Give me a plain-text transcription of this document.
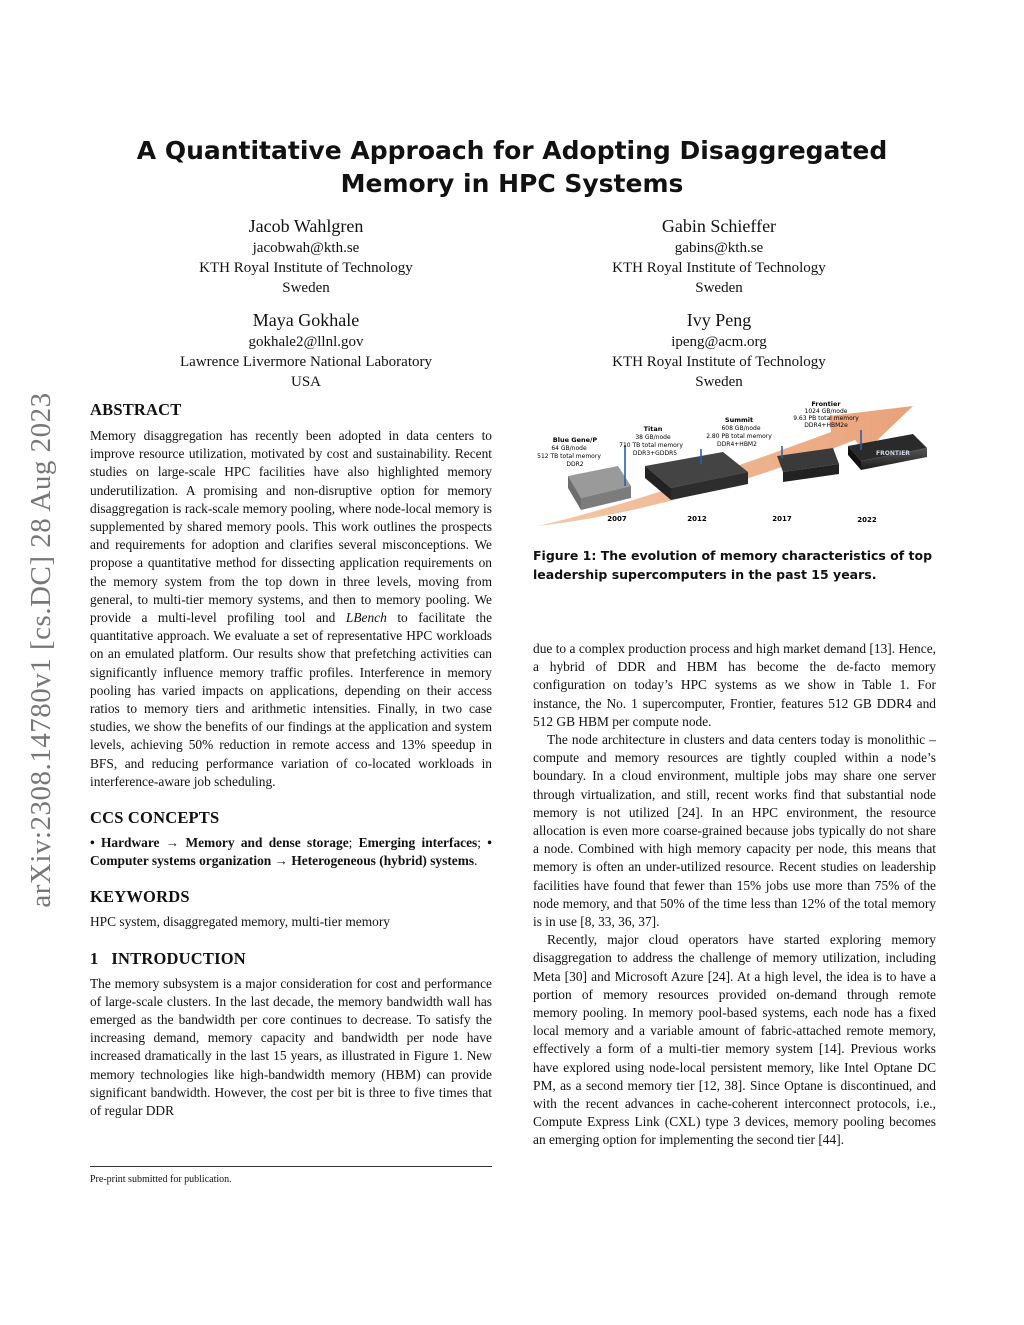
arXiv:2308.14780v1 [cs.DC] 28 Aug 2023
A Quantitative Approach for Adopting Disaggregated Memory in HPC Systems
Jacob Wahlgren
jacobwah@kth.se
KTH Royal Institute of Technology
Sweden
Gabin Schieffer
gabins@kth.se
KTH Royal Institute of Technology
Sweden
Maya Gokhale
gokhale2@llnl.gov
Lawrence Livermore National Laboratory
USA
Ivy Peng
ipeng@acm.org
KTH Royal Institute of Technology
Sweden
ABSTRACT

Memory disaggregation has recently been adopted in data centers to improve resource utilization, motivated by cost and sustainability. Recent studies on large-scale HPC facilities have also highlighted memory underutilization. A promising and non-disruptive option for memory disaggregation is rack-scale memory pooling, where node-local memory is supplemented by shared memory pools. This work outlines the prospects and requirements for adoption and clarifies several misconceptions. We propose a quantitative method for dissecting application requirements on the memory system from the top down in three levels, moving from general, to multi-tier memory systems, and then to memory pooling. We provide a multi-level profiling tool and LBench to facilitate the quantitative approach. We evaluate a set of representative HPC workloads on an emulated platform. Our results show that prefetching activities can significantly influence memory traffic profiles. Interference in memory pooling has varied impacts on applications, depending on their access ratios to memory tiers and arithmetic intensities. Finally, in two case studies, we show the benefits of our findings at the application and system levels, achieving 50% reduction in remote access and 13% speedup in BFS, and reducing performance variation of co-located workloads in interference-aware job scheduling.

CCS CONCEPTS

• Hardware → Memory and dense storage; Emerging interfaces; • Computer systems organization → Heterogeneous (hybrid) systems.

KEYWORDS

HPC system, disaggregated memory, multi-tier memory

1   INTRODUCTION

The memory subsystem is a major consideration for cost and performance of large-scale clusters. In the last decade, the memory bandwidth wall has emerged as the bandwidth per core continues to decrease. To satisfy the increasing demand, memory capacity and bandwidth per node have increased dramatically in the last 15 years, as illustrated in Figure 1. New memory technologies like high-bandwidth memory (HBM) can provide significant bandwidth. However, the cost per bit is three to five times that of regular DDR

Pre-print submitted for publication.
FRONTIER
Blue Gene/P
64 GB/node
512 TB total memory
DDR2
Titan
38 GB/node
710 TB total memory
DDR3+GDDR5
Summit
608 GB/node
2.80 PB total memory
DDR4+HBM2
Frontier
1024 GB/node
9.63 PB total memory
DDR4+HBM2e
2007	2012	2017	2022
Figure 1: The evolution of memory characteristics of top leadership supercomputers in the past 15 years.

due to a complex production process and high market demand [13]. Hence, a hybrid of DDR and HBM has become the de-facto memory configuration on today’s HPC systems as we show in Table 1. For instance, the No. 1 supercomputer, Frontier, features 512 GB DDR4 and 512 GB HBM per compute node.

The node architecture in clusters and data centers today is monolithic – compute and memory resources are tightly coupled within a node’s boundary. In a cloud environment, multiple jobs may share one server through virtualization, and still, recent works find that substantial node memory is not utilized [24]. In an HPC environment, the resource allocation is even more coarse-grained because jobs typically do not share a node. Combined with high memory capacity per node, this means that memory is often an under-utilized resource. Recent studies on leadership facilities have found that fewer than 15% jobs use more than 75% of the node memory, and that 50% of the time less than 12% of the total memory is in use [8, 33, 36, 37].

Recently, major cloud operators have started exploring memory disaggregation to address the challenge of memory utilization, including Meta [30] and Microsoft Azure [24]. At a high level, the idea is to have a portion of memory resources provided on-demand through remote memory pooling. In memory pool-based systems, each node has a fixed local memory and a variable amount of fabric-attached remote memory, effectively a form of a multi-tier memory system [14]. Previous works have explored using node-local persistent memory, like Intel Optane DC PM, as a second memory tier [12, 38]. Since Optane is discontinued, and with the recent advances in cache-coherent interconnect protocols, i.e., Compute Express Link (CXL) type 3 devices, memory pooling becomes an emerging option for implementing the second tier [44].
